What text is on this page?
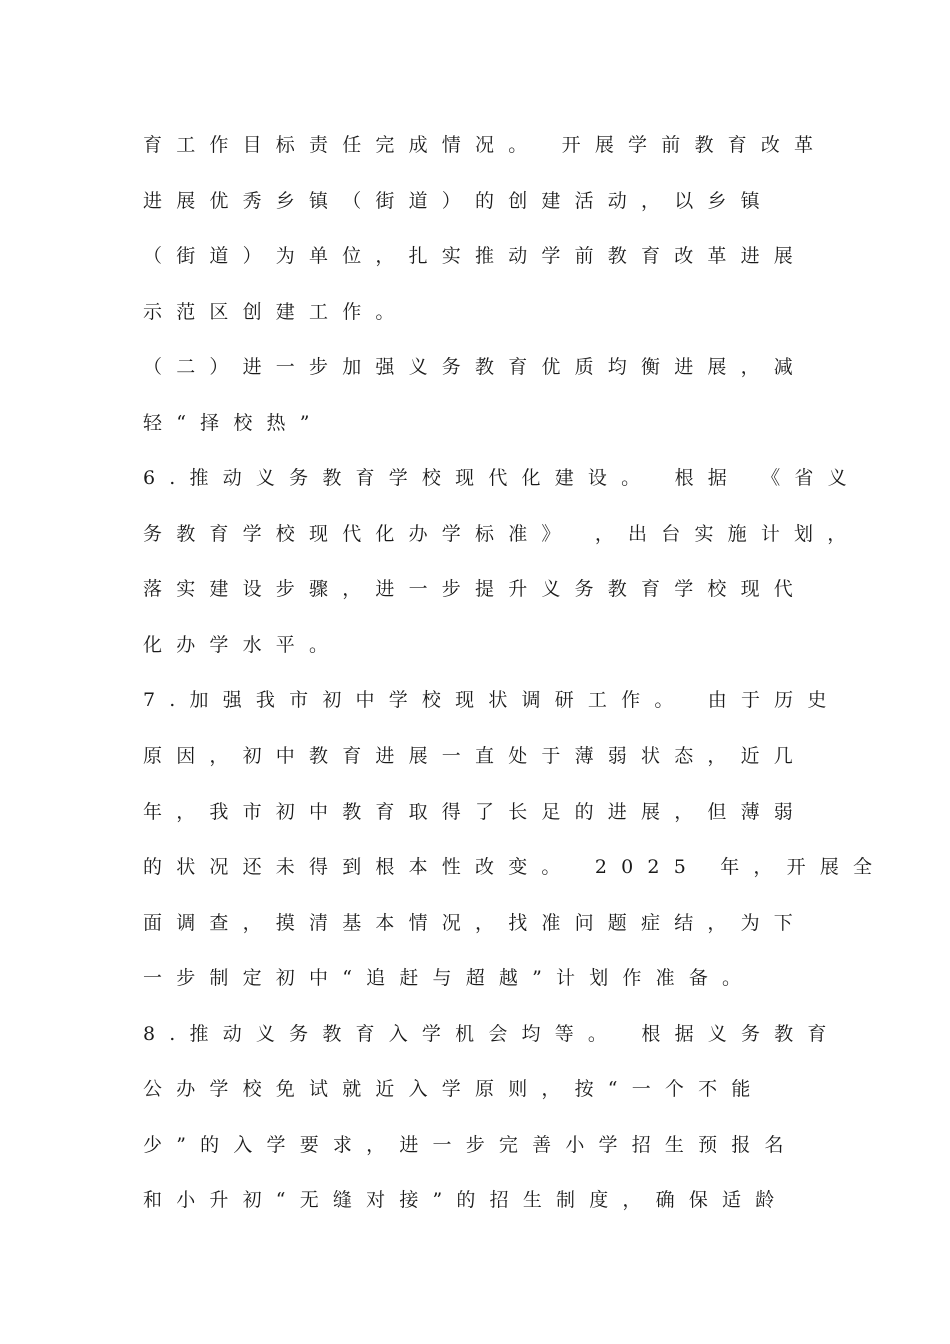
育工作目标责任完成情况。 开展学前教育改革
进展优秀乡镇（街道）的创建活动，以乡镇
（街道）为单位，扎实推动学前教育改革进展
示范区创建工作。
（二）进一步加强义务教育优质均衡进展，减
轻“择校热”
6.推动义务教育学校现代化建设。 根据 《省义
务教育学校现代化办学标准》 ，出台实施计划，
落实建设步骤，进一步提升义务教育学校现代
化办学水平。
7.加强我市初中学校现状调研工作。 由于历史
原因，初中教育进展一直处于薄弱状态，近几
年，我市初中教育取得了长足的进展，但薄弱
的状况还未得到根本性改变。 2025 年，开展全
面调查，摸清基本情况，找准问题症结，为下
一步制定初中“追赶与超越”计划作准备。
8.推动义务教育入学机会均等。 根据义务教育
公办学校免试就近入学原则，按“一个不能
少”的入学要求，进一步完善小学招生预报名
和小升初“无缝对接”的招生制度，确保适龄
